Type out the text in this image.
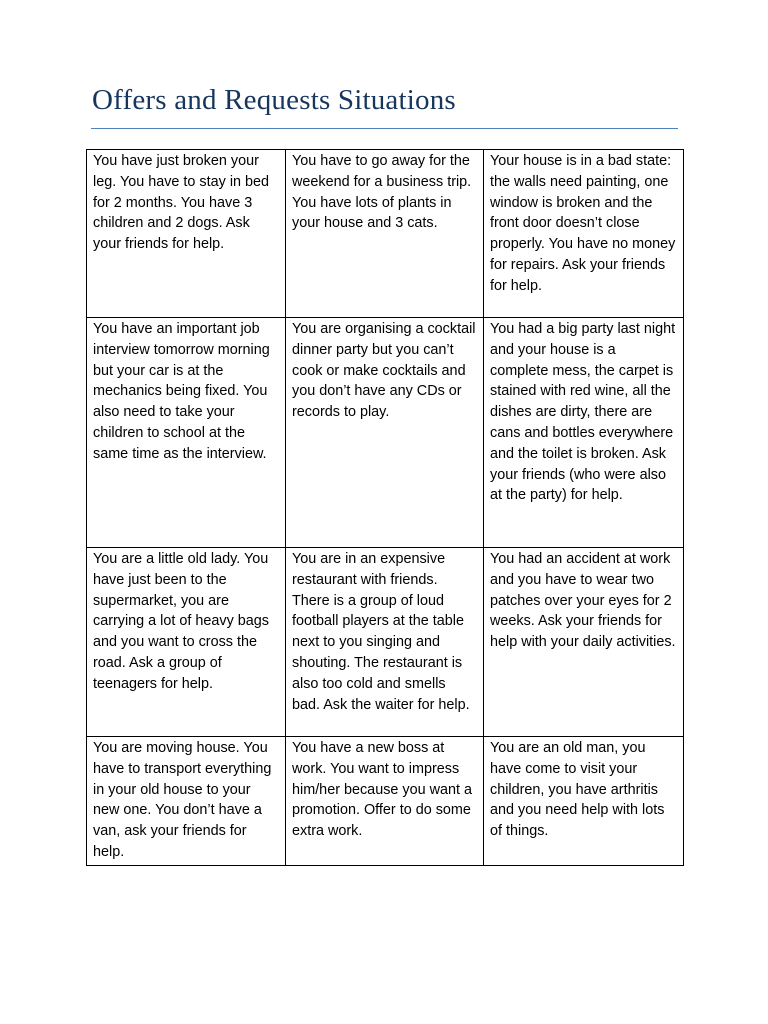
Offers and Requests Situations
You have just broken your leg. You have to stay in bed for 2 months. You have 3 children and 2 dogs. Ask your friends for help.	You have to go away for the weekend for a business trip. You have lots of plants in your house and 3 cats.	Your house is in a bad state: the walls need painting, one window is broken and the front door doesn’t close properly. You have no money for repairs. Ask your friends for help.
You have an important job interview tomorrow morning but your car is at the mechanics being fixed. You also need to take your children to school at the same time as the interview.	You are organising a cocktail dinner party but you can’t cook or make cocktails and you don’t have any CDs or records to play.	You had a big party last night and your house is a complete mess, the carpet is stained with red wine, all the dishes are dirty, there are cans and bottles everywhere and the toilet is broken. Ask your friends (who were also at the party) for help.
You are a little old lady. You have just been to the supermarket, you are carrying a lot of heavy bags and you want to cross the road. Ask a group of teenagers for help.	You are in an expensive restaurant with friends. There is a group of loud football players at the table next to you singing and shouting. The restaurant is also too cold and smells bad. Ask the waiter for help.	You had an accident at work and you have to wear two patches over your eyes for 2 weeks. Ask your friends for help with your daily activities.
You are moving house. You have to transport everything in your old house to your new one. You don’t have a van, ask your friends for help.	You have a new boss at work. You want to impress him/her because you want a promotion. Offer to do some extra work.	You are an old man, you have come to visit your children, you have arthritis and you need help with lots of things.
